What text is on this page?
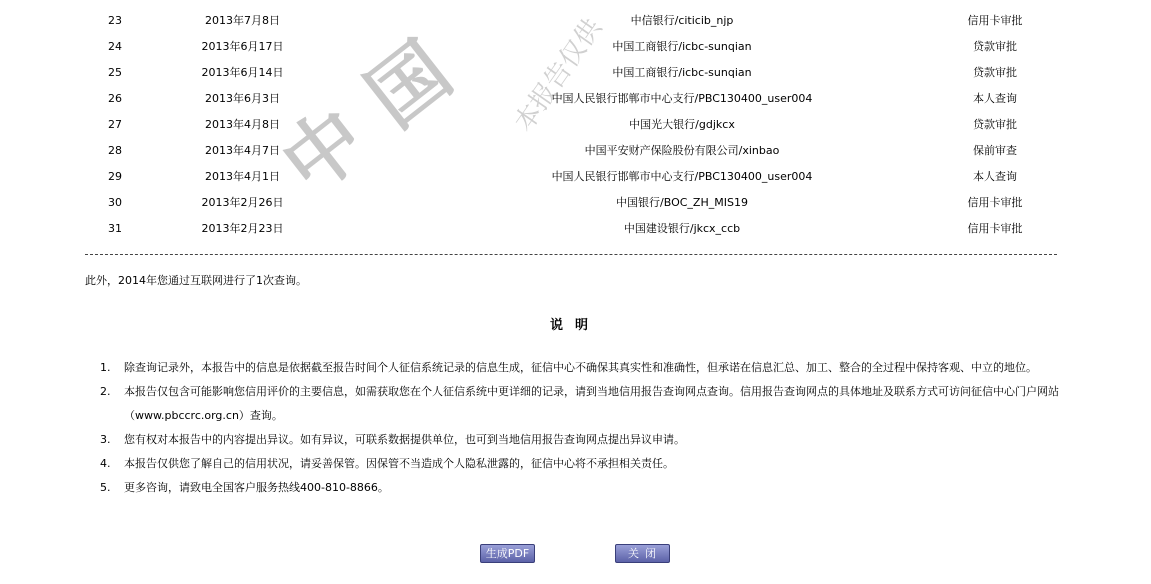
中国 本报告仅供
23	2013年7月8日	中信银行/citicib_njp	信用卡审批
24	2013年6月17日	中国工商银行/icbc-sunqian	贷款审批
25	2013年6月14日	中国工商银行/icbc-sunqian	贷款审批
26	2013年6月3日	中国人民银行邯郸市中心支行/PBC130400_user004	本人查询
27	2013年4月8日	中国光大银行/gdjkcx	贷款审批
28	2013年4月7日	中国平安财产保险股份有限公司/xinbao	保前审查
29	2013年4月1日	中国人民银行邯郸市中心支行/PBC130400_user004	本人查询
30	2013年2月26日	中国银行/BOC_ZH_MIS19	信用卡审批
31	2013年2月23日	中国建设银行/jkcx_ccb	信用卡审批
此外，2014年您通过互联网进行了1次查询。
说明
1. 除查询记录外，本报告中的信息是依据截至报告时间个人征信系统记录的信息生成，征信中心不确保其真实性和准确性，但承诺在信息汇总、加工、整合的全过程中保持客观、中立的地位。
2. 本报告仅包含可能影响您信用评价的主要信息，如需获取您在个人征信系统中更详细的记录，请到当地信用报告查询网点查询。信用报告查询网点的具体地址及联系方式可访问征信中心门户网站（www.pbccrc.org.cn）查询。
3. 您有权对本报告中的内容提出异议。如有异议，可联系数据提供单位，也可到当地信用报告查询网点提出异议申请。
4. 本报告仅供您了解自己的信用状况，请妥善保管。因保管不当造成个人隐私泄露的，征信中心将不承担相关责任。
5. 更多咨询，请致电全国客户服务热线400-810-8866。
生成PDF	关闭
